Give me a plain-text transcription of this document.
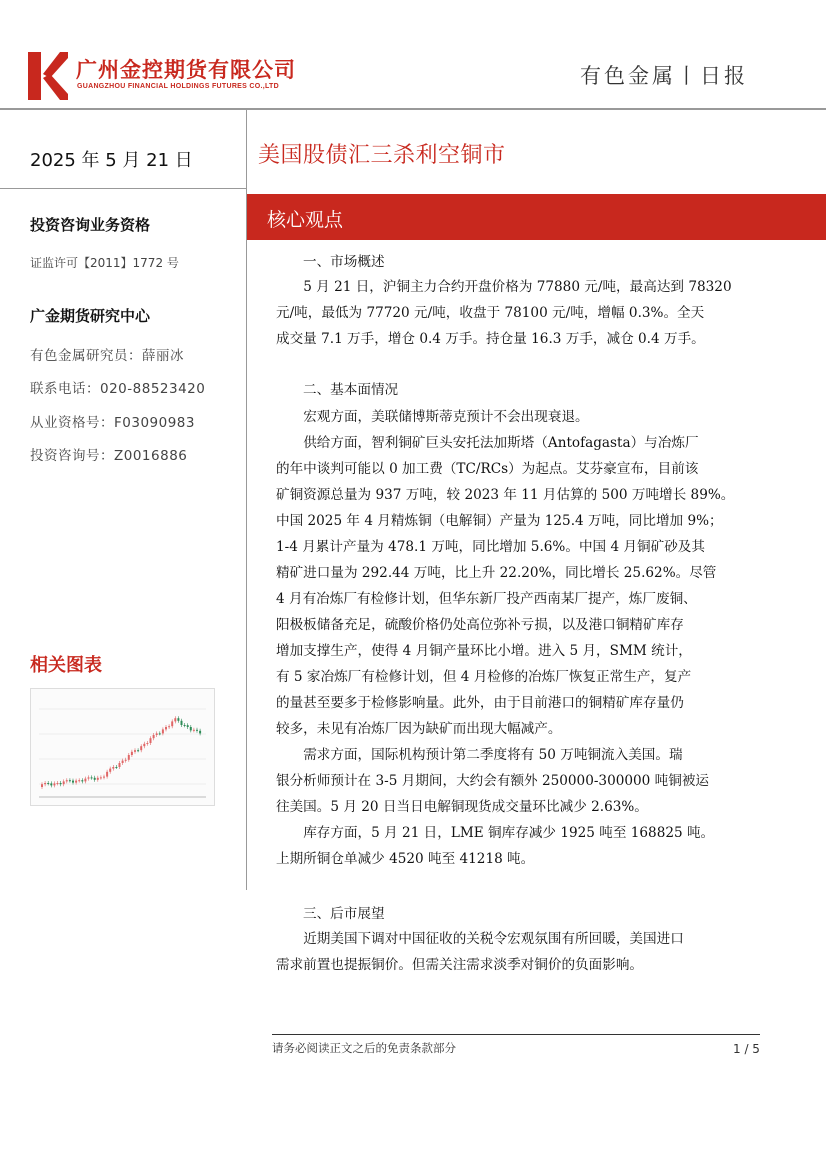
广州金控期货有限公司
GUANGZHOU FINANCIAL HOLDINGS FUTURES CO.,LTD	有色金属丨日报
2025 年 5 月 21 日
投资咨询业务资格
证监许可【2011】1772 号
广金期货研究中心
有色金属研究员：薛丽冰
联系电话：020-88523420
从业资格号：F03090983
投资咨询号：Z0016886
相关图表
美国股债汇三杀利空铜市
核心观点
一、市场概述
5 月 21 日，沪铜主力合约开盘价格为 77880 元/吨，最高达到 78320
元/吨，最低为 77720 元/吨，收盘于 78100 元/吨，增幅 0.3%。全天
成交量 7.1 万手，增仓 0.4 万手。持仓量 16.3 万手，减仓 0.4 万手。
二、基本面情况
宏观方面，美联储博斯蒂克预计不会出现衰退。
供给方面，智利铜矿巨头安托法加斯塔（Antofagasta）与冶炼厂
的年中谈判可能以 0 加工费（TC/RCs）为起点。艾芬豪宣布，目前该
矿铜资源总量为 937 万吨，较 2023 年 11 月估算的 500 万吨增长 89%。
中国 2025 年 4 月精炼铜（电解铜）产量为 125.4 万吨，同比增加 9%；
1-4 月累计产量为 478.1 万吨，同比增加 5.6%。中国 4 月铜矿砂及其
精矿进口量为 292.44 万吨，比上升 22.20%，同比增长 25.62%。尽管
4 月有冶炼厂有检修计划，但华东新厂投产西南某厂提产，炼厂废铜、
阳极板储备充足，硫酸价格仍处高位弥补亏损，以及港口铜精矿库存
增加支撑生产，使得 4 月铜产量环比小增。进入 5 月，SMM 统计，
有 5 家冶炼厂有检修计划，但 4 月检修的冶炼厂恢复正常生产，复产
的量甚至要多于检修影响量。此外，由于目前港口的铜精矿库存量仍
较多，未见有冶炼厂因为缺矿而出现大幅减产。
需求方面，国际机构预计第二季度将有 50 万吨铜流入美国。瑞
银分析师预计在 3-5 月期间，大约会有额外 250000-300000 吨铜被运
往美国。5 月 20 日当日电解铜现货成交量环比减少 2.63%。
库存方面，5 月 21 日，LME 铜库存减少 1925 吨至 168825 吨。
上期所铜仓单减少 4520 吨至 41218 吨。
三、后市展望
近期美国下调对中国征收的关税令宏观氛围有所回暖，美国进口
需求前置也提振铜价。但需关注需求淡季对铜价的负面影响。
请务必阅读正文之后的免责条款部分	1 / 5
